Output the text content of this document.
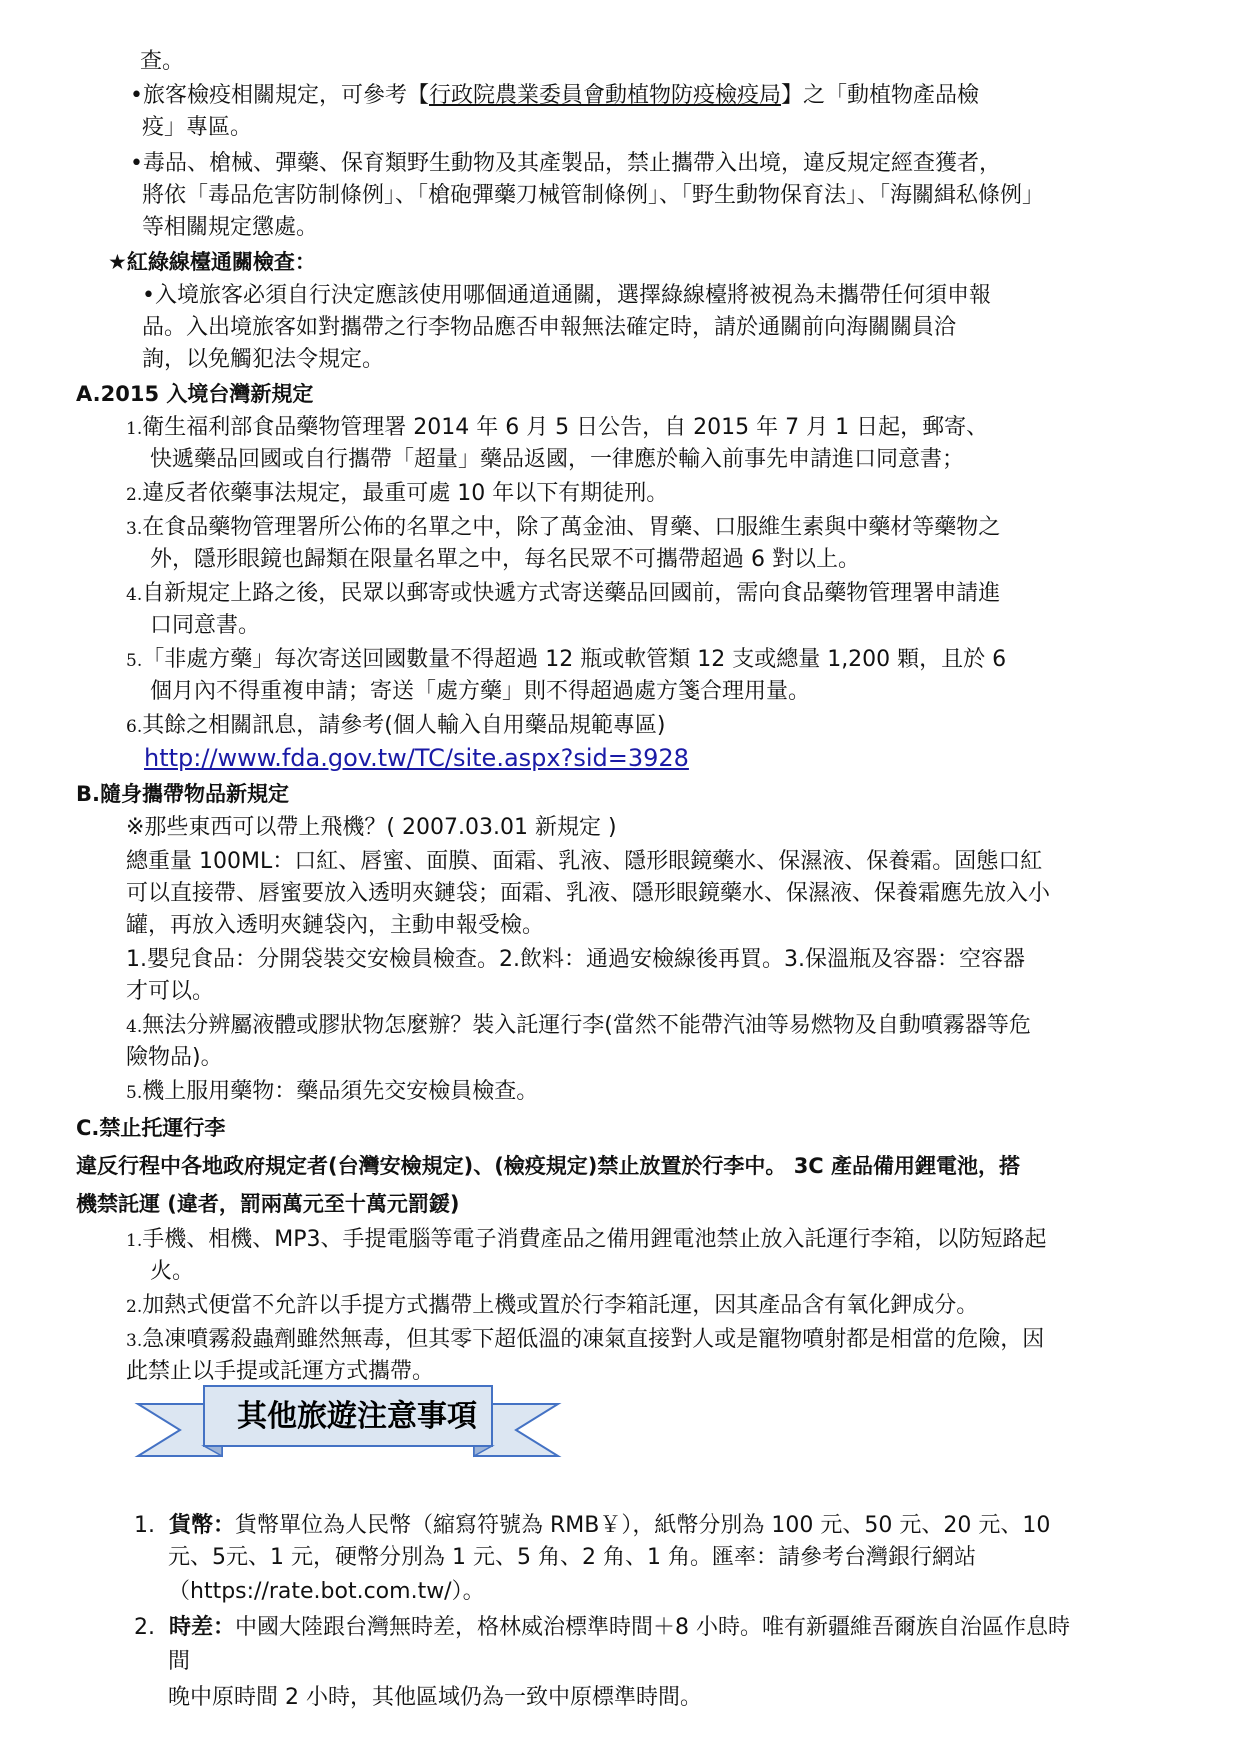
查。
•旅客檢疫相關規定，可參考【行政院農業委員會動植物防疫檢疫局】之「動植物產品檢
疫」專區。
•毒品、槍械、彈藥、保育類野生動物及其產製品，禁止攜帶入出境，違反規定經查獲者，
將依「毒品危害防制條例」、「槍砲彈藥刀械管制條例」、「野生動物保育法」、「海關緝私條例」
等相關規定懲處。
★紅綠線檯通關檢查：
•入境旅客必須自行決定應該使用哪個通道通關，選擇綠線檯將被視為未攜帶任何須申報
品。入出境旅客如對攜帶之行李物品應否申報無法確定時，請於通關前向海關關員洽
詢，以免觸犯法令規定。
A.2015 入境台灣新規定
1.衛生福利部食品藥物管理署 2014 年 6 月 5 日公告，自 2015 年 7 月 1 日起，郵寄、
快遞藥品回國或自行攜帶「超量」藥品返國，一律應於輸入前事先申請進口同意書；
2.違反者依藥事法規定，最重可處 10 年以下有期徒刑。
3.在食品藥物管理署所公佈的名單之中，除了萬金油、胃藥、口服維生素與中藥材等藥物之
外，隱形眼鏡也歸類在限量名單之中，每名民眾不可攜帶超過 6 對以上。
4.自新規定上路之後，民眾以郵寄或快遞方式寄送藥品回國前，需向食品藥物管理署申請進
口同意書。
5.「非處方藥」每次寄送回國數量不得超過 12 瓶或軟管類 12 支或總量 1,200 顆，且於 6
個月內不得重複申請；寄送「處方藥」則不得超過處方箋合理用量。
6.其餘之相關訊息，請參考(個人輸入自用藥品規範專區)
http://www.fda.gov.tw/TC/site.aspx?sid=3928
B.隨身攜帶物品新規定
※那些東西可以帶上飛機？( 2007.03.01 新規定 )
總重量 100ML：口紅、唇蜜、面膜、面霜、乳液、隱形眼鏡藥水、保濕液、保養霜。固態口紅
可以直接帶、唇蜜要放入透明夾鏈袋；面霜、乳液、隱形眼鏡藥水、保濕液、保養霜應先放入小
罐，再放入透明夾鏈袋內，主動申報受檢。
1.嬰兒食品：分開袋裝交安檢員檢查。2.飲料：通過安檢線後再買。3.保溫瓶及容器：空容器
才可以。
4.無法分辨屬液體或膠狀物怎麼辦？裝入託運行李(當然不能帶汽油等易燃物及自動噴霧器等危
險物品)。
5.機上服用藥物：藥品須先交安檢員檢查。
C.禁止托運行李
違反行程中各地政府規定者(台灣安檢規定)、(檢疫規定)禁止放置於行李中。 3C 產品備用鋰電池，搭
機禁託運 (違者，罰兩萬元至十萬元罰鍰)
1.手機、相機、MP3、手提電腦等電子消費產品之備用鋰電池禁止放入託運行李箱，以防短路起
火。
2.加熱式便當不允許以手提方式攜帶上機或置於行李箱託運，因其產品含有氧化鉀成分。
3.急凍噴霧殺蟲劑雖然無毒，但其零下超低溫的凍氣直接對人或是寵物噴射都是相當的危險，因
此禁止以手提或託運方式攜帶。
其他旅遊注意事項
1. 貨幣：貨幣單位為人民幣（縮寫符號為 RMB￥），紙幣分別為 100 元、50 元、20 元、10
元、5元、1 元，硬幣分別為 1 元、5 角、2 角、1 角。匯率：請參考台灣銀行網站
（https://rate.bot.com.tw/）。
2. 時差：中國大陸跟台灣無時差，格林威治標準時間＋8 小時。唯有新疆維吾爾族自治區作息時
間
晚中原時間 2 小時，其他區域仍為一致中原標準時間。
